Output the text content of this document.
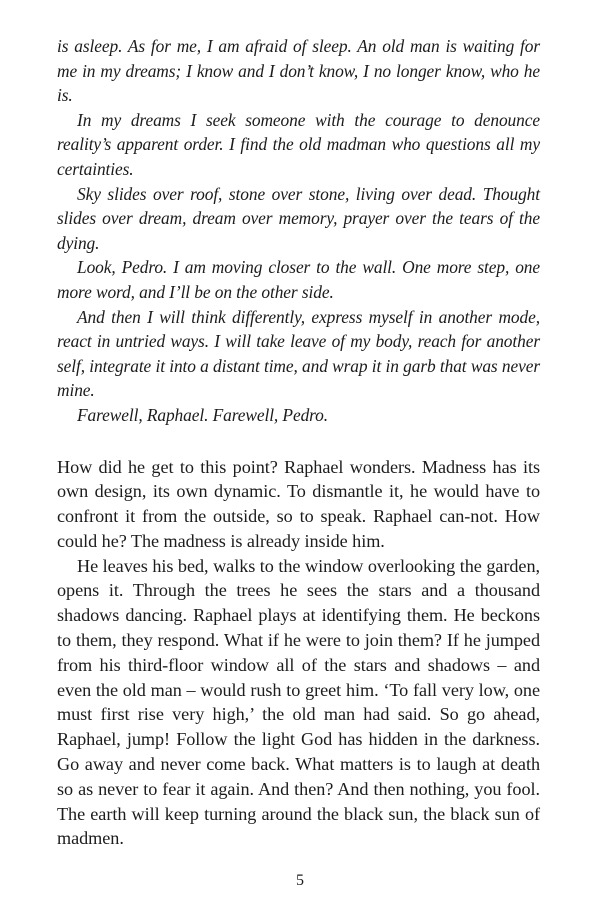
is asleep. As for me, I am afraid of sleep. An old man is waiting for me in my dreams; I know and I don’t know, I no longer know, who he is.

In my dreams I seek someone with the courage to denounce reality’s apparent order. I find the old madman who questions all my certainties.

Sky slides over roof, stone over stone, living over dead. Thought slides over dream, dream over memory, prayer over the tears of the dying.

Look, Pedro. I am moving closer to the wall. One more step, one more word, and I’ll be on the other side.

And then I will think differently, express myself in another mode, react in untried ways. I will take leave of my body, reach for another self, integrate it into a distant time, and wrap it in garb that was never mine.

Farewell, Raphael. Farewell, Pedro.

How did he get to this point? Raphael wonders. Madness has its own design, its own dynamic. To dismantle it, he would have to confront it from the outside, so to speak. Raphael can-not. How could he? The madness is already inside him.

He leaves his bed, walks to the window overlooking the garden, opens it. Through the trees he sees the stars and a thousand shadows dancing. Raphael plays at identifying them. He beckons to them, they respond. What if he were to join them? If he jumped from his third-floor window all of the stars and shadows – and even the old man – would rush to greet him. ‘To fall very low, one must first rise very high,’ the old man had said. So go ahead, Raphael, jump! Follow the light God has hidden in the darkness. Go away and never come back. What matters is to laugh at death so as never to fear it again. And then? And then nothing, you fool. The earth will keep turning around the black sun, the black sun of madmen.

5
